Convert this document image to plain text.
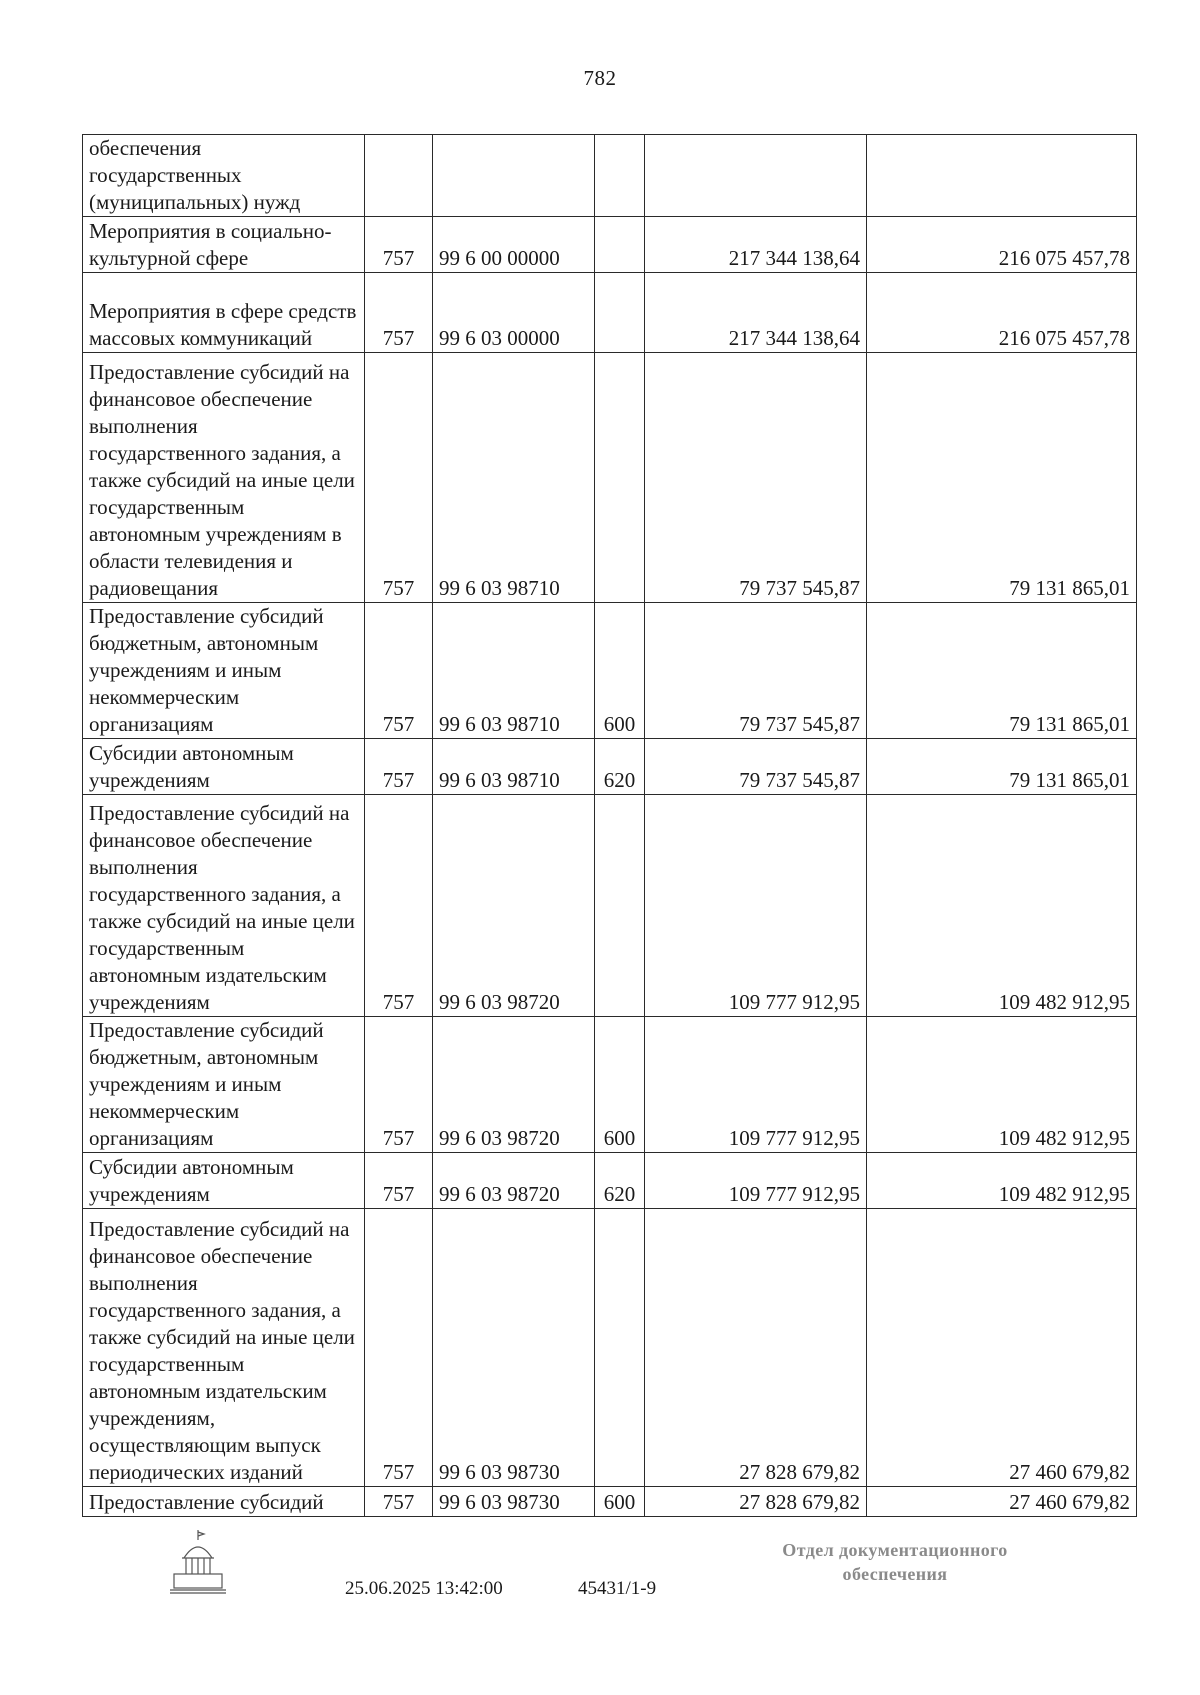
782
обеспечения государственных (муниципальных) нужд					
Мероприятия в социально-культурной сфере	757	99 6 00 00000		217 344 138,64	216 075 457,78
Мероприятия в сфере средств массовых коммуникаций	757	99 6 03 00000		217 344 138,64	216 075 457,78
Предоставление субсидий на финансовое обеспечение выполнения государственного задания, а также субсидий на иные цели государственным автономным учреждениям в области телевидения и радиовещания	757	99 6 03 98710		79 737 545,87	79 131 865,01
Предоставление субсидий бюджетным, автономным учреждениям и иным некоммерческим организациям	757	99 6 03 98710	600	79 737 545,87	79 131 865,01
Субсидии автономным учреждениям	757	99 6 03 98710	620	79 737 545,87	79 131 865,01
Предоставление субсидий на финансовое обеспечение выполнения государственного задания, а также субсидий на иные цели государственным автономным издательским учреждениям	757	99 6 03 98720		109 777 912,95	109 482 912,95
Предоставление субсидий бюджетным, автономным учреждениям и иным некоммерческим организациям	757	99 6 03 98720	600	109 777 912,95	109 482 912,95
Субсидии автономным учреждениям	757	99 6 03 98720	620	109 777 912,95	109 482 912,95
Предоставление субсидий на финансовое обеспечение выполнения государственного задания, а также субсидий на иные цели государственным автономным издательским учреждениям, осуществляющим выпуск периодических изданий	757	99 6 03 98730		27 828 679,82	27 460 679,82
Предоставление субсидий	757	99 6 03 98730	600	27 828 679,82	27 460 679,82
25.06.2025 13:42:00	45431/1-9
Отдел документационного
обеспечения
